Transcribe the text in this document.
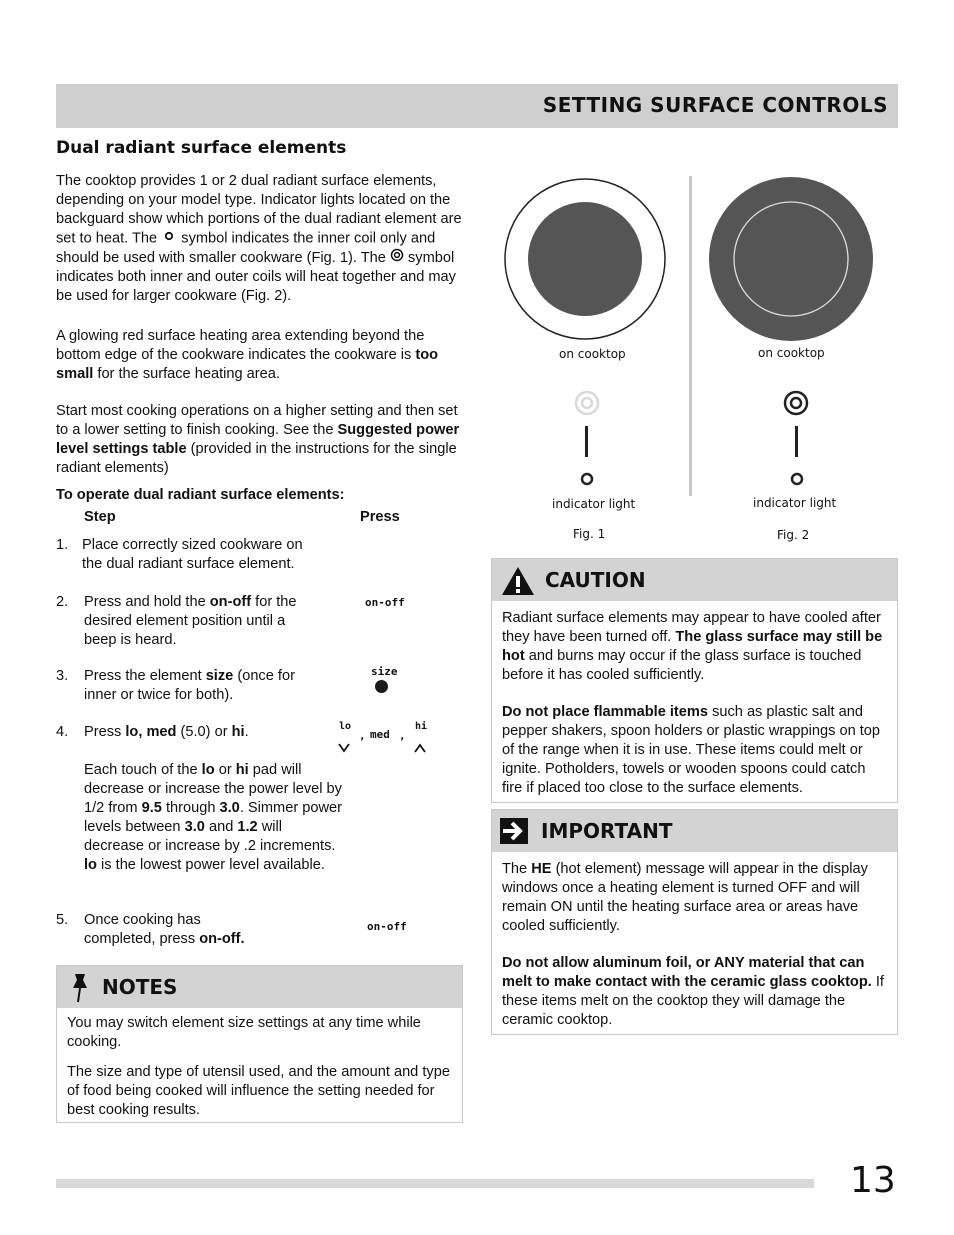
SETTING SURFACE CONTROLS
Dual radiant surface elements
The cooktop provides 1 or 2 dual radiant surface elements, depending on your model type. Indicator lights located on the backguard show which portions of the dual radiant element are set to heat. The symbol indicates the inner coil only and should be used with smaller cookware (Fig. 1). The symbol indicates both inner and outer coils will heat together and may be used for larger cookware (Fig. 2).
A glowing red surface heating area extending beyond the bottom edge of the cookware indicates the cookware is too small for the surface heating area.
Start most cooking operations on a higher setting and then set to a lower setting to finish cooking. See the Suggested power level settings table (provided in the instructions for the single radiant elements)
To operate dual radiant surface elements:
Step	Press
1. Place correctly sized cookware on the dual radiant surface element.
2. Press and hold the on-off for the desired element position until a beep is heard.
on-off
3. Press the element size (once for inner or twice for both).
size
4. Press lo, med (5.0) or hi.	lo
, med ,
hi
Each touch of the lo or hi pad will decrease or increase the power level by 1/2 from 9.5 through 3.0. Simmer power levels between 3.0 and 1.2 will decrease or increase by .2 increments. lo is the lowest power level available.
5. Once cooking has completed, press on-off.
on-off
on cooktop
indicator light
Fig. 1
on cooktop
indicator light
Fig. 2
CAUTION

Radiant surface elements may appear to have cooled after they have been turned off. The glass surface may still be hot and burns may occur if the glass surface is touched before it has cooled sufficiently.

Do not place flammable items such as plastic salt and pepper shakers, spoon holders or plastic wrappings on top of the range when it is in use. These items could melt or ignite. Potholders, towels or wooden spoons could catch fire if placed too close to the surface elements.

IMPORTANT

The HE (hot element) message will appear in the display windows once a heating element is turned OFF and will remain ON until the heating surface area or areas have cooled sufficiently.

Do not allow aluminum foil, or ANY material that can melt to make contact with the ceramic glass cooktop. If these items melt on the cooktop they will damage the ceramic cooktop.

NOTES

You may switch element size settings at any time while cooking.

The size and type of utensil used, and the amount and type of food being cooked will influence the setting needed for best cooking results.

13
